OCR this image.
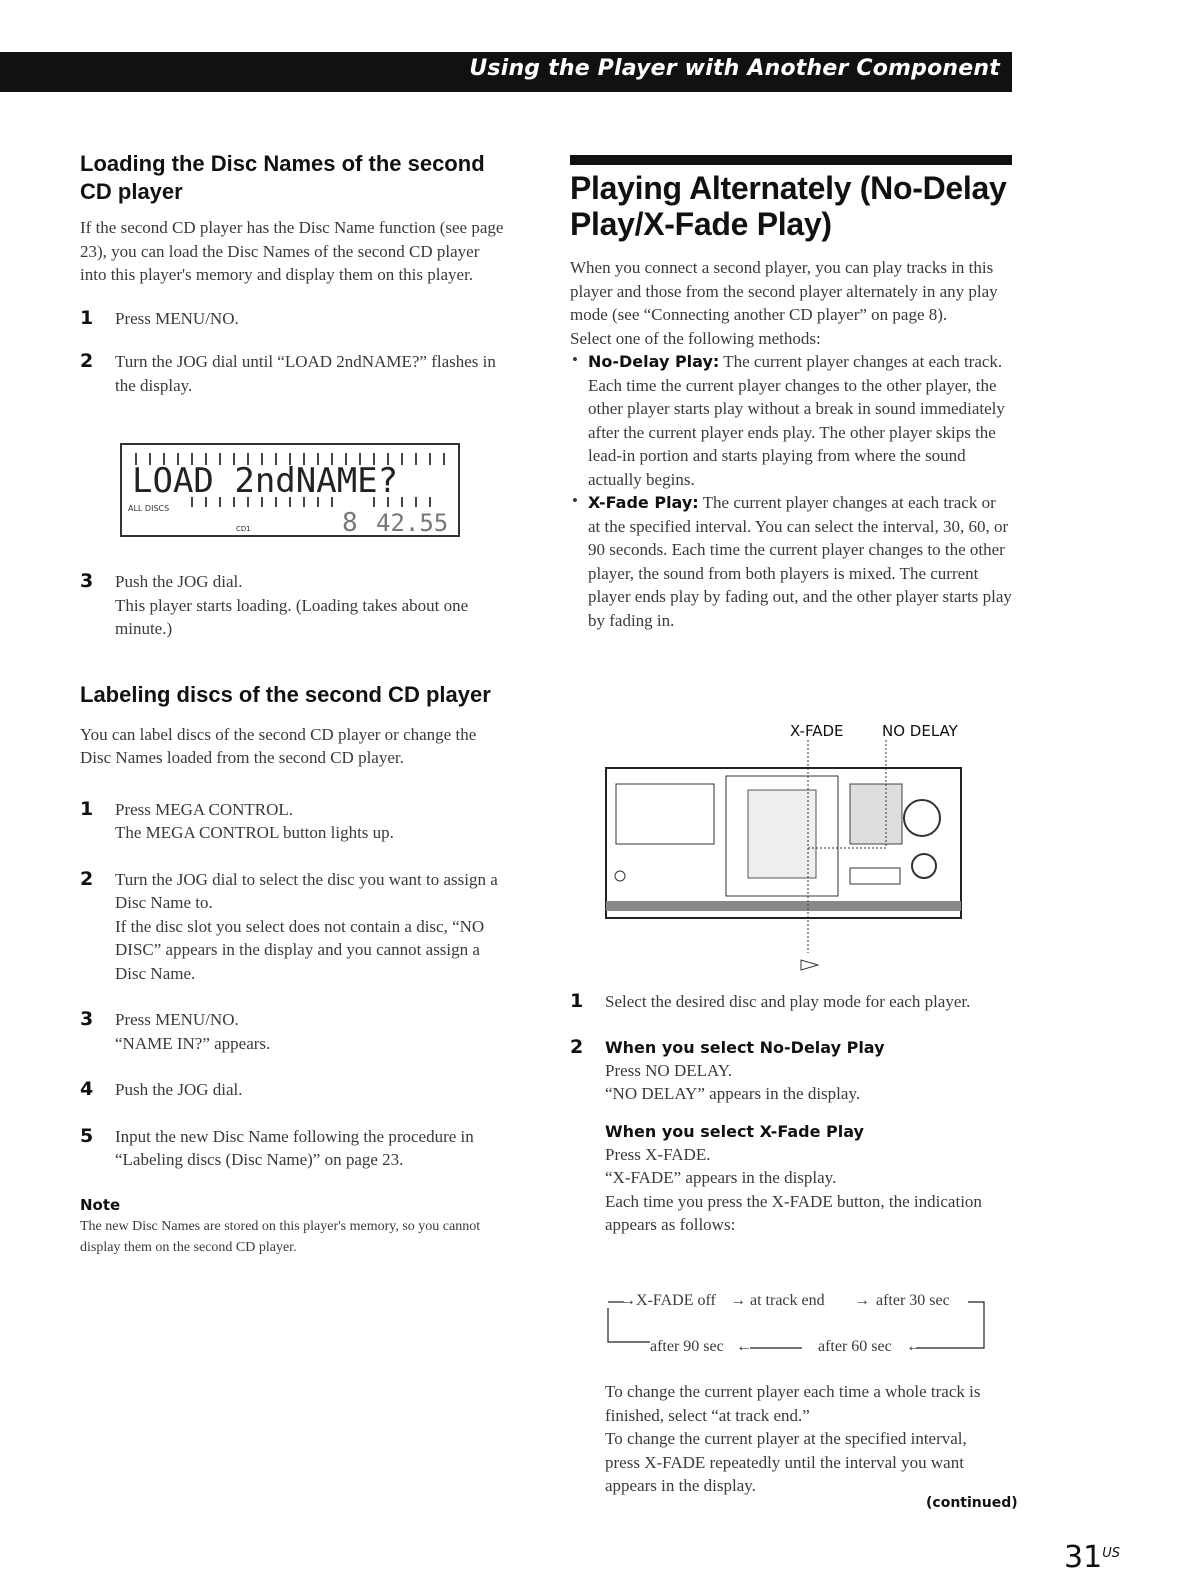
Using the Player with Another Component
Loading the Disc Names of the second CD player

If the second CD player has the Disc Name function (see page 23), you can load the Disc Names of the second CD player into this player's memory and display them on this player.

1 Press MENU/NO.

2 Turn the JOG dial until “LOAD 2ndNAME?” flashes in the display.

LOAD 2ndNAME?
ALL DISCS
CD1	8 42.55
3 Push the JOG dial.

This player starts loading. (Loading takes about one minute.)

Labeling discs of the second CD player

You can label discs of the second CD player or change the Disc Names loaded from the second CD player.

1 Press MEGA CONTROL.

The MEGA CONTROL button lights up.

2 Turn the JOG dial to select the disc you want to assign a Disc Name to.

If the disc slot you select does not contain a disc, “NO DISC” appears in the display and you cannot assign a Disc Name.

3 Press MENU/NO.

“NAME IN?” appears.

4 Push the JOG dial.

5 Input the new Disc Name following the procedure in “Labeling discs (Disc Name)” on page 23.

Note
The new Disc Names are stored on this player's memory, so you cannot display them on the second CD player.
Playing Alternately (No-Delay Play/X-Fade Play)

When you connect a second player, you can play tracks in this player and those from the second player alternately in any play mode (see “Connecting another CD player” on page 8).

Select one of the following methods:

• No-Delay Play: The current player changes at each track. Each time the current player changes to the other player, the other player starts play without a break in sound immediately after the current player ends play. The other player skips the lead-in portion and starts playing from where the sound actually begins.

• X-Fade Play: The current player changes at each track or at the specified interval. You can select the interval, 30, 60, or 90 seconds. Each time the current player changes to the other player, the sound from both players is mixed. The current player ends play by fading out, and the other player starts play by fading in.

X-FADE	NO DELAY
1 Select the desired disc and play mode for each player.

2 When you select No-Delay Play

Press NO DELAY.

“NO DELAY” appears in the display.

When you select X-Fade Play

Press X-FADE.

“X-FADE” appears in the display.

Each time you press the X-FADE button, the indication appears as follows:

→ X-FADE off → at track end → after 30 sec
after 90 sec ←	after 60 sec ←

To change the current player each time a whole track is finished, select “at track end.”

To change the current player at the specified interval, press X-FADE repeatedly until the interval you want appears in the display.

(continued)
$31^{US}$
